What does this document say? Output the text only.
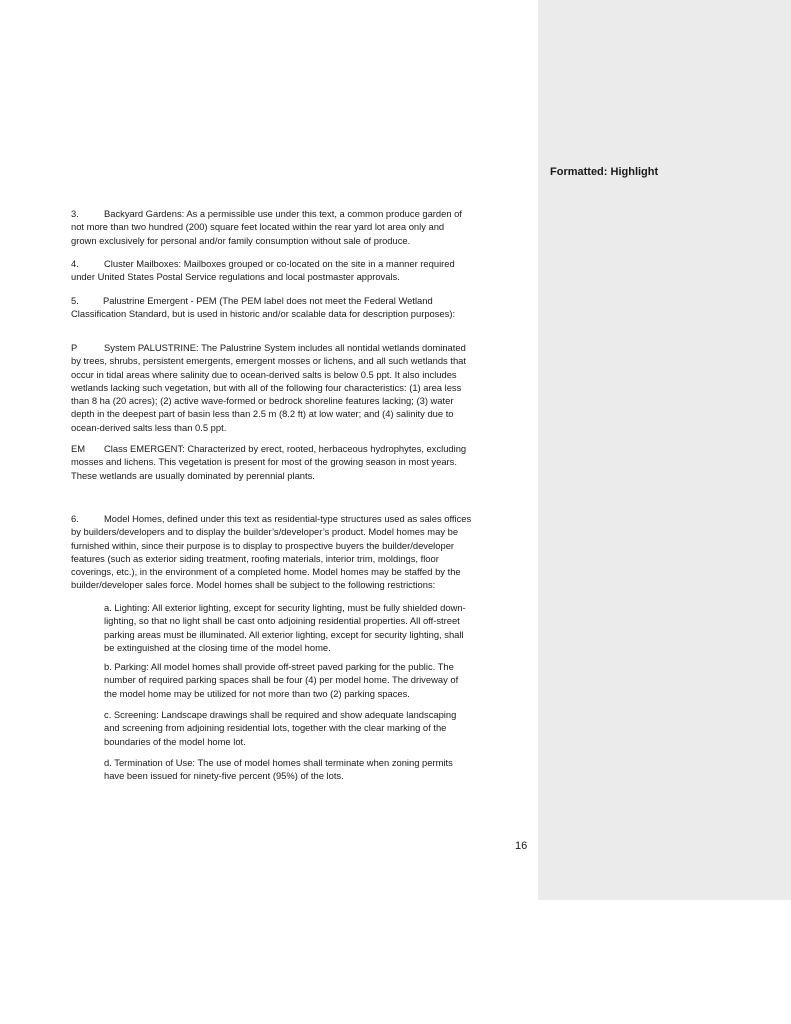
Formatted: Highlight
3.	Backyard Gardens: As a permissible use under this text, a common produce garden of
not more than two hundred (200) square feet located within the rear yard lot area only and
grown exclusively for personal and/or family consumption without sale of produce.
4.	Cluster Mailboxes: Mailboxes grouped or co-located on the site in a manner required
under United States Postal Service regulations and local postmaster approvals.
5.	Palustrine Emergent - PEM (The PEM label does not meet the Federal Wetland
Classification Standard, but is used in historic and/or scalable data for description purposes):
P	System PALUSTRINE: The Palustrine System includes all nontidal wetlands dominated
by trees, shrubs, persistent emergents, emergent mosses or lichens, and all such wetlands that
occur in tidal areas where salinity due to ocean-derived salts is below 0.5 ppt. It also includes
wetlands lacking such vegetation, but with all of the following four characteristics: (1) area less
than 8 ha (20 acres); (2) active wave-formed or bedrock shoreline features lacking; (3) water
depth in the deepest part of basin less than 2.5 m (8.2 ft) at low water; and (4) salinity due to
ocean-derived salts less than 0.5 ppt.
EM Class EMERGENT: Characterized by erect, rooted, herbaceous hydrophytes, excluding
mosses and lichens. This vegetation is present for most of the growing season in most years.
These wetlands are usually dominated by perennial plants.
6.	Model Homes, defined under this text as residential-type structures used as sales offices
by builders/developers and to display the builder’s/developer’s product. Model homes may be
furnished within, since their purpose is to display to prospective buyers the builder/developer
features (such as exterior siding treatment, roofing materials, interior trim, moldings, floor
coverings, etc.), in the environment of a completed home. Model homes may be staffed by the
builder/developer sales force. Model homes shall be subject to the following restrictions:
a. Lighting: All exterior lighting, except for security lighting, must be fully shielded down-
lighting, so that no light shall be cast onto adjoining residential properties. All off-street
parking areas must be illuminated. All exterior lighting, except for security lighting, shall
be extinguished at the closing time of the model home.
b. Parking: All model homes shall provide off-street paved parking for the public. The
number of required parking spaces shall be four (4) per model home. The driveway of
the model home may be utilized for not more than two (2) parking spaces.
c. Screening: Landscape drawings shall be required and show adequate landscaping
and screening from adjoining residential lots, together with the clear marking of the
boundaries of the model home lot.
d. Termination of Use: The use of model homes shall terminate when zoning permits
have been issued for ninety-five percent (95%) of the lots.
16
